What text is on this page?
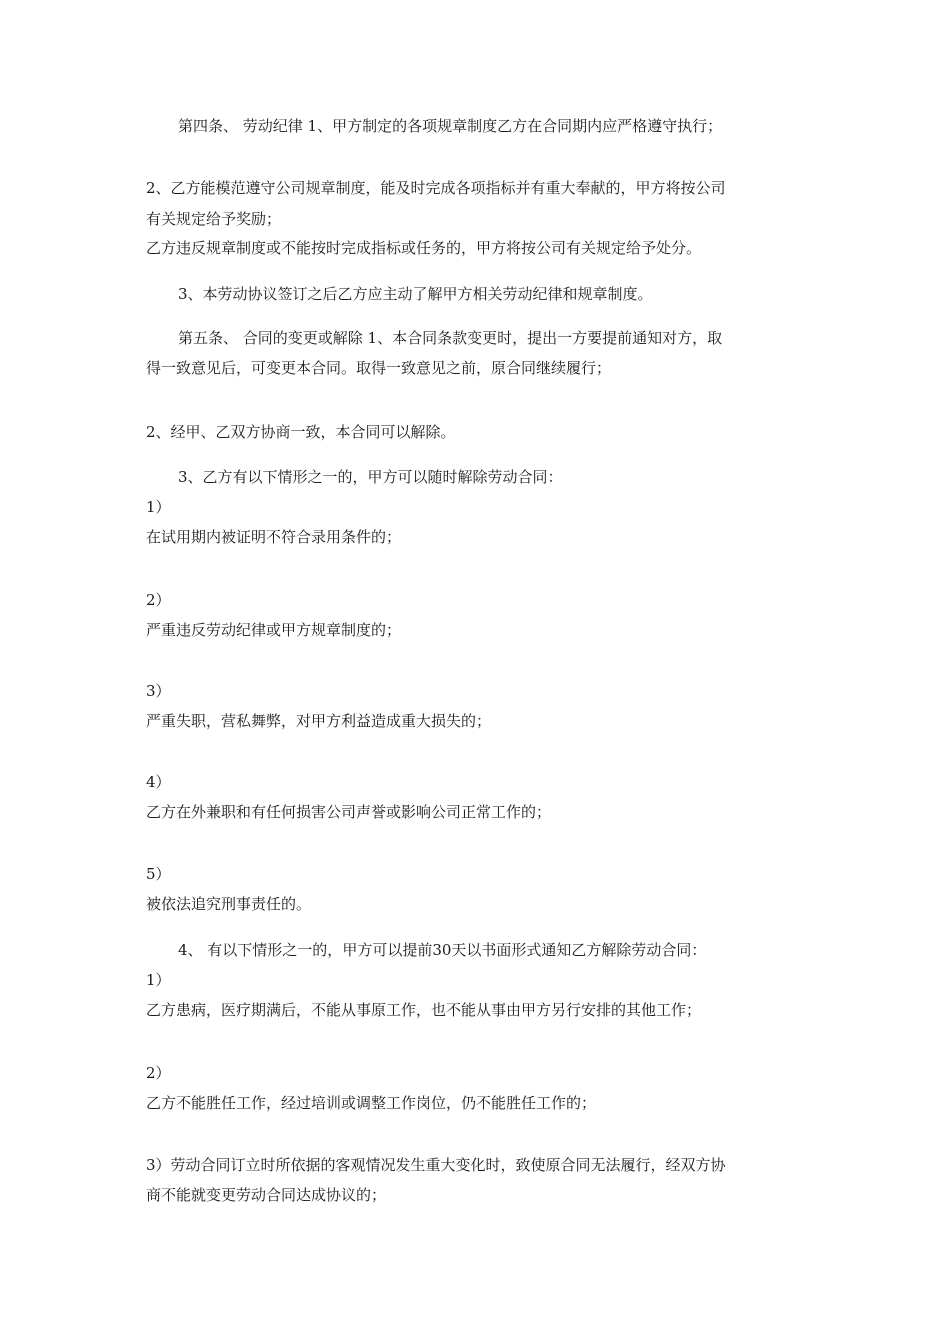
第四条、 劳动纪律 1、甲方制定的各项规章制度乙方在合同期内应严格遵守执行；
2、乙方能模范遵守公司规章制度，能及时完成各项指标并有重大奉献的，甲方将按公司
有关规定给予奖励；
乙方违反规章制度或不能按时完成指标或任务的，甲方将按公司有关规定给予处分。
3、本劳动协议签订之后乙方应主动了解甲方相关劳动纪律和规章制度。
第五条、 合同的变更或解除 1、本合同条款变更时，提出一方要提前通知对方，取
得一致意见后，可变更本合同。取得一致意见之前，原合同继续履行；
2、经甲、乙双方协商一致，本合同可以解除。
3、乙方有以下情形之一的，甲方可以随时解除劳动合同：
1）
在试用期内被证明不符合录用条件的；
2）
严重违反劳动纪律或甲方规章制度的；
3）
严重失职，营私舞弊，对甲方利益造成重大损失的；
4）
乙方在外兼职和有任何损害公司声誉或影响公司正常工作的；
5）
被依法追究刑事责任的。
4、 有以下情形之一的，甲方可以提前30天以书面形式通知乙方解除劳动合同：
1）
乙方患病，医疗期满后，不能从事原工作，也不能从事由甲方另行安排的其他工作；
2）
乙方不能胜任工作，经过培训或调整工作岗位，仍不能胜任工作的；
3）劳动合同订立时所依据的客观情况发生重大变化时，致使原合同无法履行，经双方协
商不能就变更劳动合同达成协议的；
